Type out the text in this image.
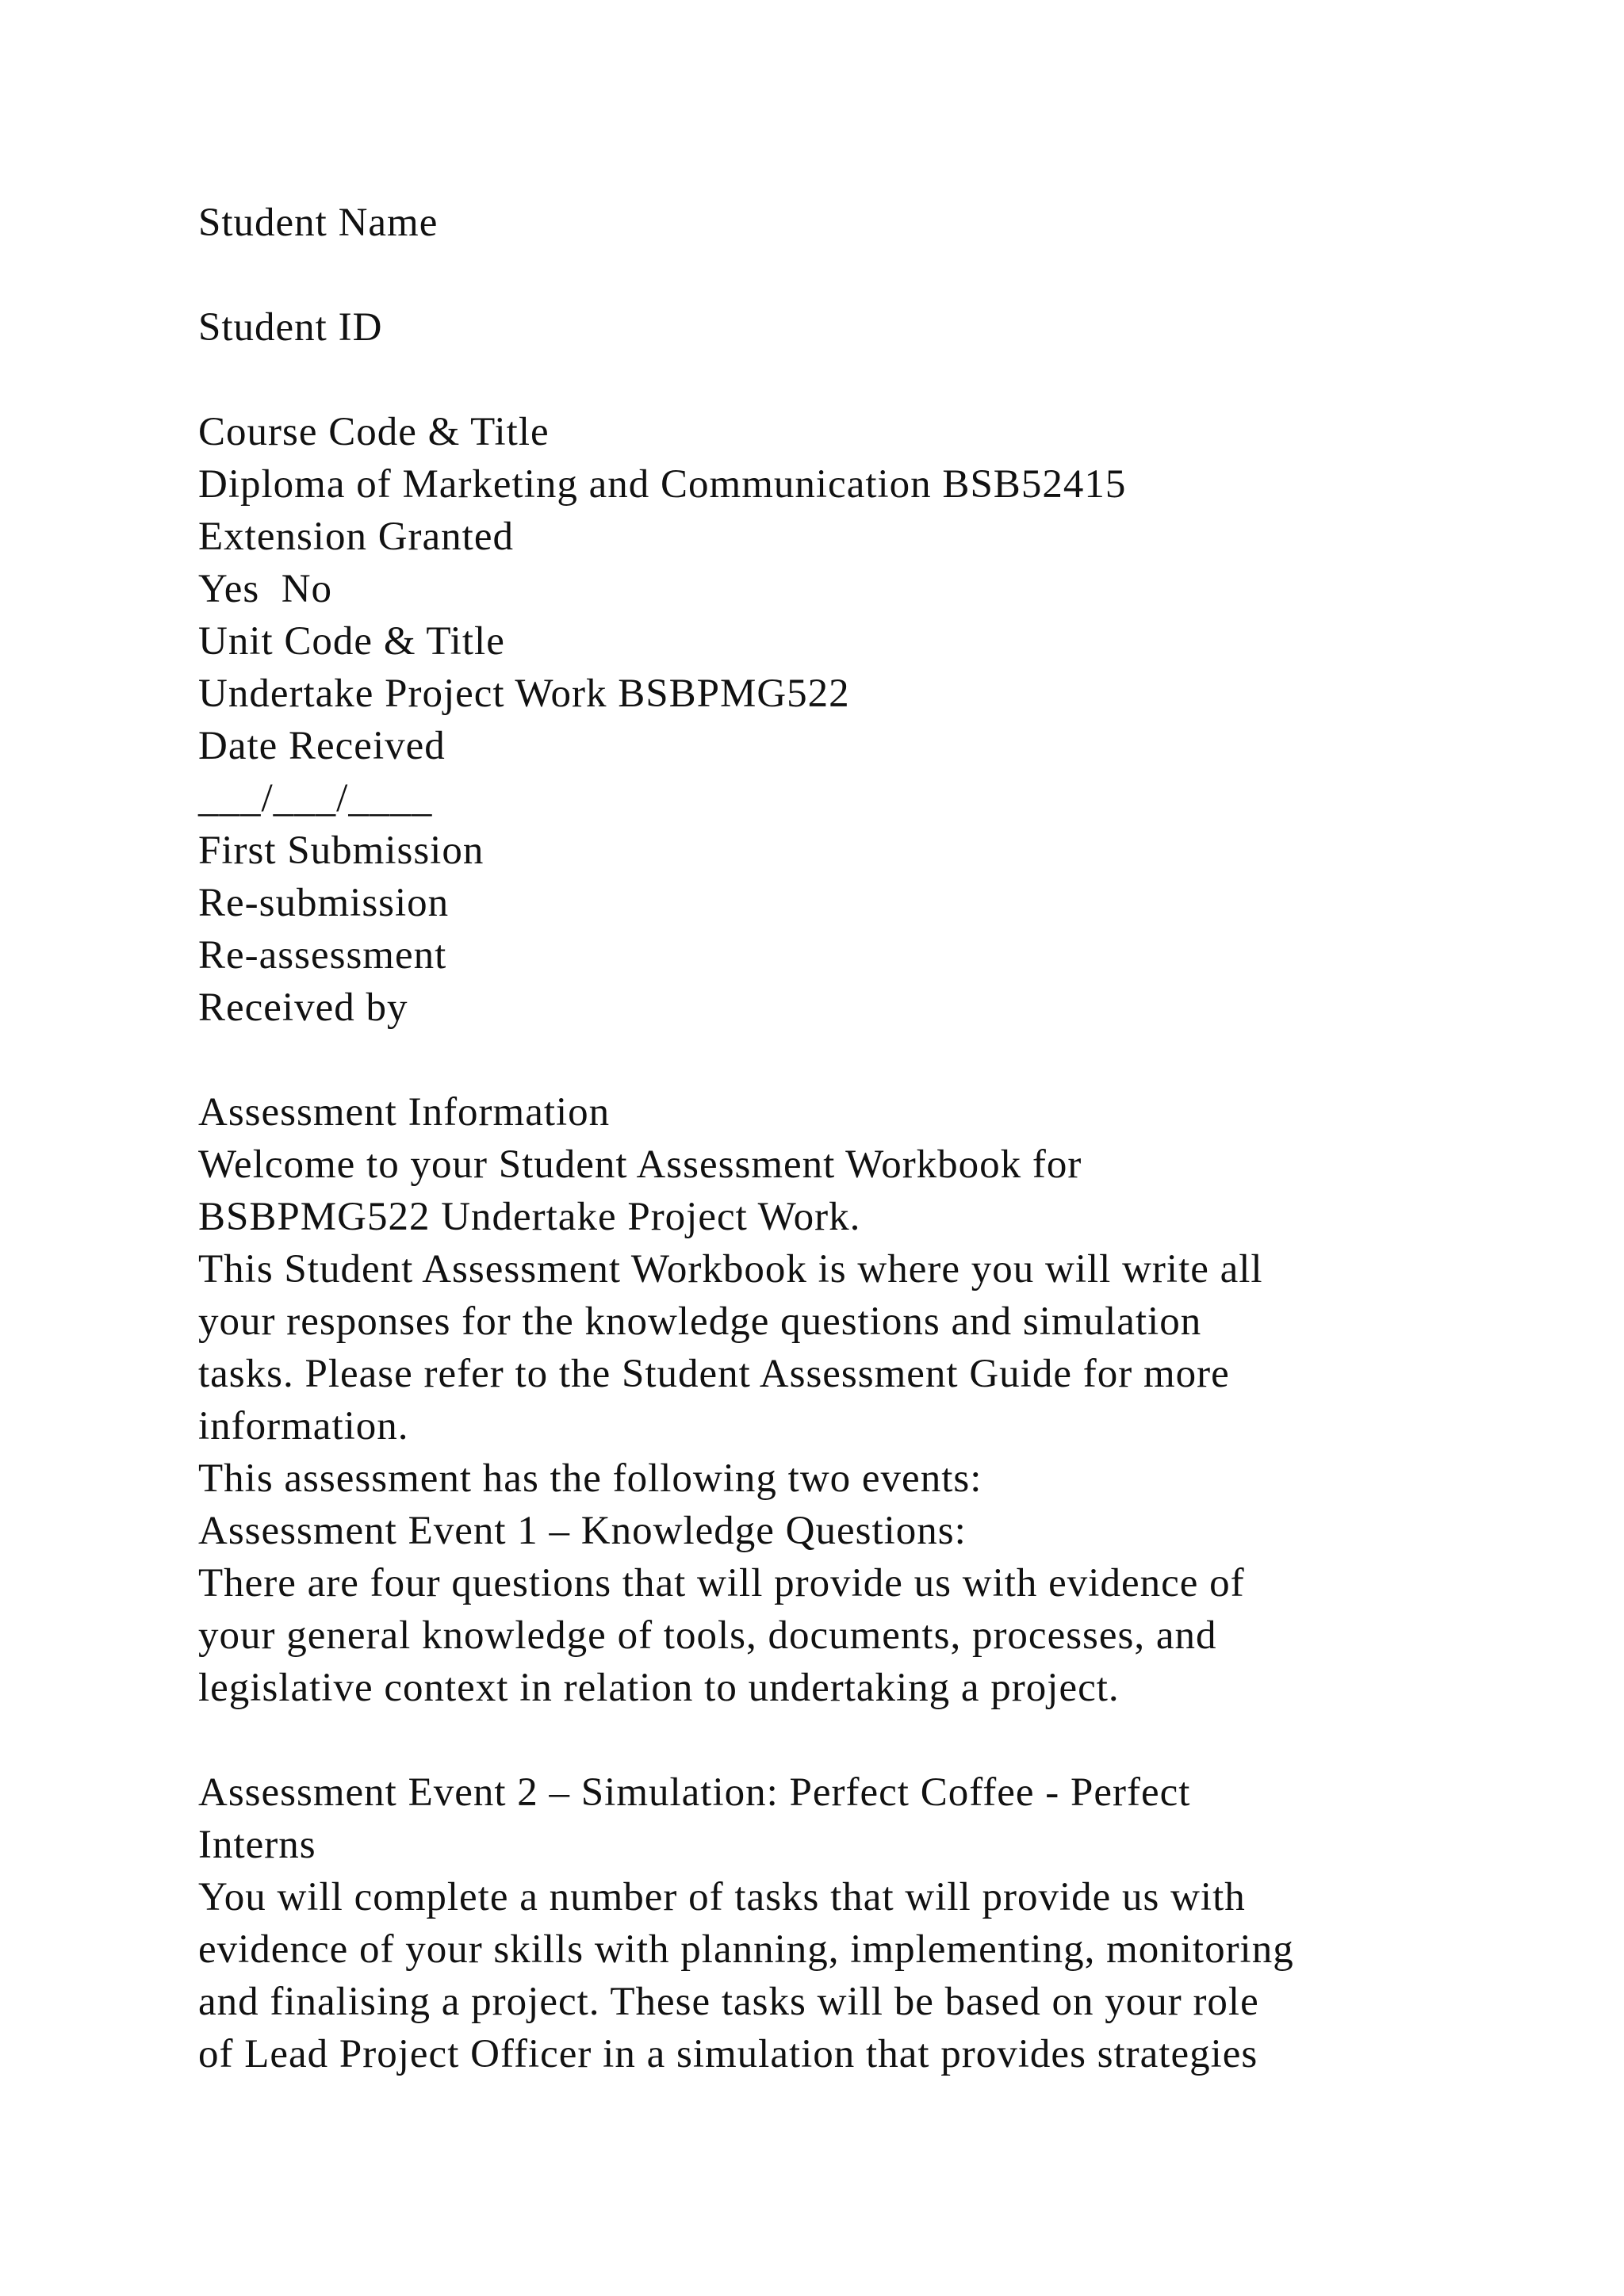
Student Name

Student ID

Course Code & Title

Diploma of Marketing and Communication BSB52415

Extension Granted

Yes  No

Unit Code & Title

Undertake Project Work BSBPMG522

Date Received

___/___/____

First Submission

Re-submission

Re-assessment

Received by

Assessment Information

Welcome to your Student Assessment Workbook for

BSBPMG522 Undertake Project Work.

This Student Assessment Workbook is where you will write all

your responses for the knowledge questions and simulation

tasks. Please refer to the Student Assessment Guide for more

information.

This assessment has the following two events:

Assessment Event 1 – Knowledge Questions:

There are four questions that will provide us with evidence of

your general knowledge of tools, documents, processes, and

legislative context in relation to undertaking a project.

Assessment Event 2 – Simulation: Perfect Coffee - Perfect

Interns

You will complete a number of tasks that will provide us with

evidence of your skills with planning, implementing, monitoring

and finalising a project. These tasks will be based on your role

of Lead Project Officer in a simulation that provides strategies
